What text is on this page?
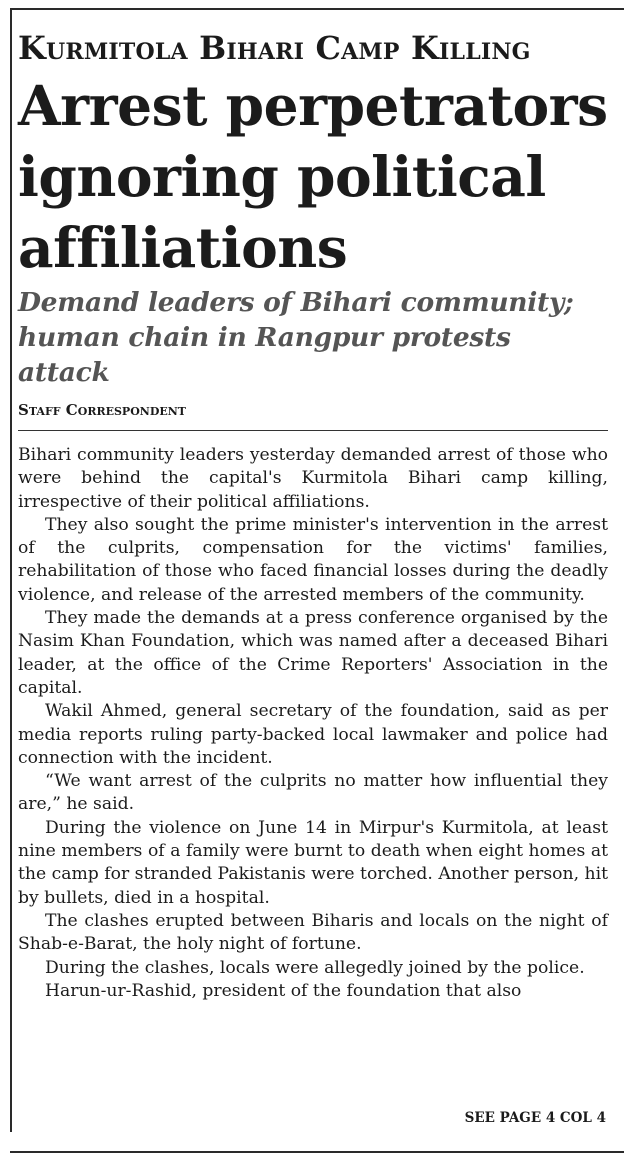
Kurmitola Bihari Camp Killing
Arrest perpetrators ignoring political affiliations
Demand leaders of Bihari community; human chain in Rangpur protests attack
Staff Correspondent

Bihari community leaders yesterday demanded arrest of those who were behind the capital's Kurmitola Bihari camp killing, irrespective of their political affiliations.

They also sought the prime minister's intervention in the arrest of the culprits, compensation for the victims' families, rehabilitation of those who faced financial losses during the deadly violence, and release of the arrested members of the community.

They made the demands at a press conference organised by the Nasim Khan Foundation, which was named after a deceased Bihari leader, at the office of the Crime Reporters' Association in the capital.

Wakil Ahmed, general secretary of the foundation, said as per media reports ruling party-backed local lawmaker and police had connection with the incident.

“We want arrest of the culprits no matter how influential they are,” he said.

During the violence on June 14 in Mirpur's Kurmitola, at least nine members of a family were burnt to death when eight homes at the camp for stranded Pakistanis were torched. Another person, hit by bullets, died in a hospital.

The clashes erupted between Biharis and locals on the night of Shab-e-Barat, the holy night of fortune.

During the clashes, locals were allegedly joined by the police.

Harun-ur-Rashid, president of the foundation that also

SEE PAGE 4 COL 4
